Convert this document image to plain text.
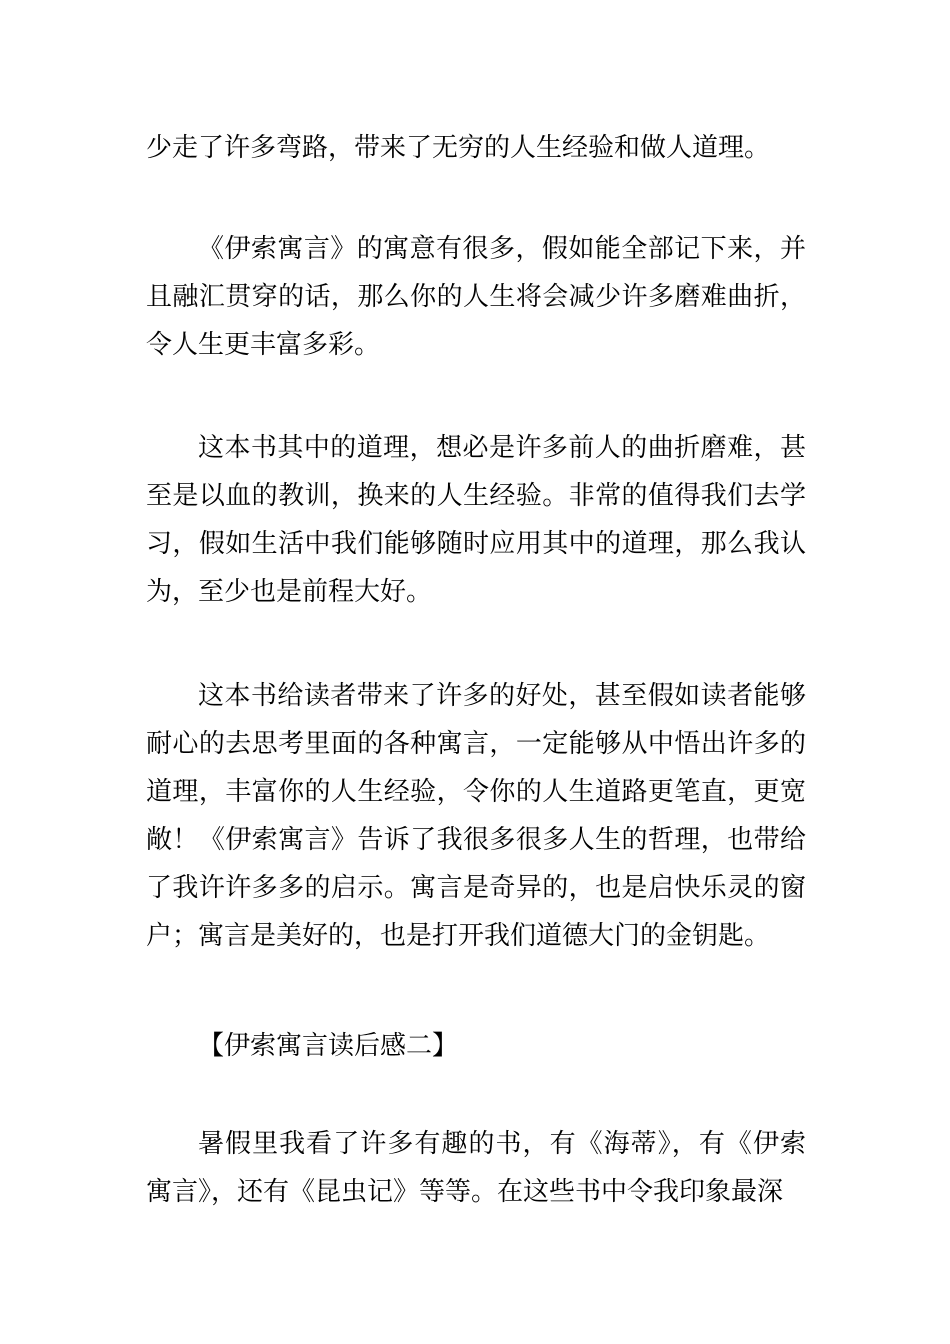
少走了许多弯路，带来了无穷的人生经验和做人道理。

《伊索寓言》的寓意有很多，假如能全部记下来，并且融汇贯穿的话，那么你的人生将会减少许多磨难曲折，令人生更丰富多彩。

这本书其中的道理，想必是许多前人的曲折磨难，甚至是以血的教训，换来的人生经验。非常的值得我们去学习，假如生活中我们能够随时应用其中的道理，那么我认为，至少也是前程大好。

这本书给读者带来了许多的好处，甚至假如读者能够耐心的去思考里面的各种寓言，一定能够从中悟出许多的道理，丰富你的人生经验，令你的人生道路更笔直，更宽敞！《伊索寓言》告诉了我很多很多人生的哲理，也带给了我许许多多的启示。寓言是奇异的，也是启快乐灵的窗户；寓言是美好的，也是打开我们道德大门的金钥匙。

【伊索寓言读后感二】

暑假里我看了许多有趣的书，有《海蒂》，有《伊索寓言》，还有《昆虫记》等等。在这些书中令我印象最深
